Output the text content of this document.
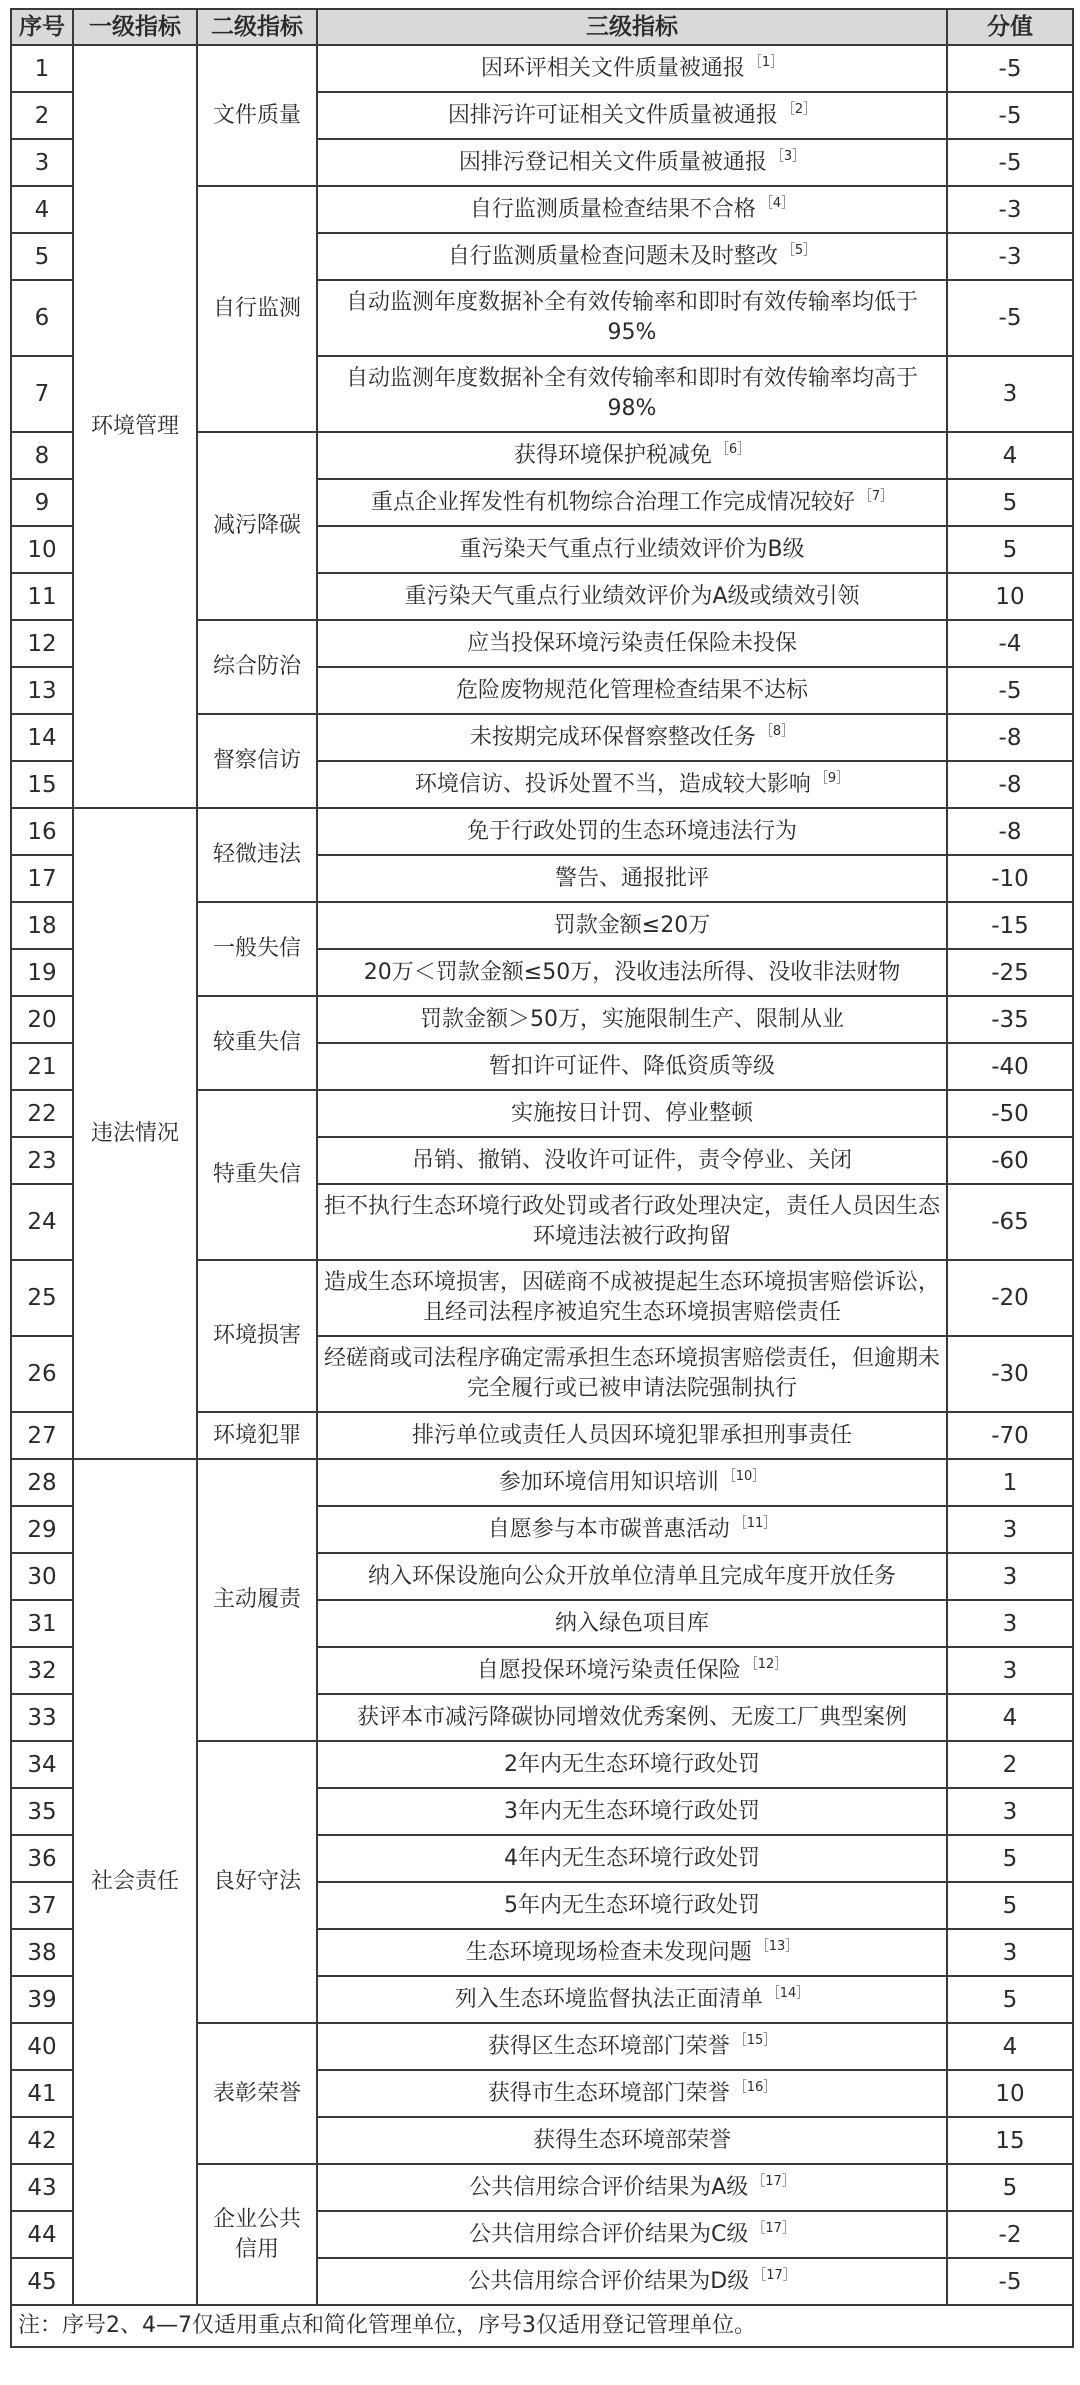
序号	一级指标	二级指标	三级指标	分值
1	环境管理	文件质量	因环评相关文件质量被通报 $^{[1]}$	-5
2			因排污许可证相关文件质量被通报 $^{[2]}$	-5
3			因排污登记相关文件质量被通报 $^{[3]}$	-5
4		自行监测	自行监测质量检查结果不合格 $^{[4]}$	-3
5			自行监测质量检查问题未及时整改 $^{[5]}$	-3
6			自动监测年度数据补全有效传输率和即时有效传输率均低于95%	-5
7			自动监测年度数据补全有效传输率和即时有效传输率均高于98%	3
8		减污降碳	获得环境保护税减免 $^{[6]}$	4
9			重点企业挥发性有机物综合治理工作完成情况较好 $^{[7]}$	5
10			重污染天气重点行业绩效评价为B级	5
11			重污染天气重点行业绩效评价为A级或绩效引领	10
12		综合防治	应当投保环境污染责任保险未投保	-4
13			危险废物规范化管理检查结果不达标	-5
14		督察信访	未按期完成环保督察整改任务 $^{[8]}$	-8
15			环境信访、投诉处置不当，造成较大影响 $^{[9]}$	-8
16	违法情况	轻微违法	免于行政处罚的生态环境违法行为	-8
17			警告、通报批评	-10
18		一般失信	罚款金额≤20万	-15
19			20万＜罚款金额≤50万，没收违法所得、没收非法财物	-25
20		较重失信	罚款金额＞50万，实施限制生产、限制从业	-35
21			暂扣许可证件、降低资质等级	-40
22		特重失信	实施按日计罚、停业整顿	-50
23			吊销、撤销、没收许可证件，责令停业、关闭	-60
24			拒不执行生态环境行政处罚或者行政处理决定，责任人员因生态环境违法被行政拘留	-65
25		环境损害	造成生态环境损害，因磋商不成被提起生态环境损害赔偿诉讼，且经司法程序被追究生态环境损害赔偿责任	-20
26			经磋商或司法程序确定需承担生态环境损害赔偿责任，但逾期未完全履行或已被申请法院强制执行	-30
27		环境犯罪	排污单位或责任人员因环境犯罪承担刑事责任	-70
28	社会责任	主动履责	参加环境信用知识培训 $^{[10]}$	1
29			自愿参与本市碳普惠活动 $^{[11]}$	3
30			纳入环保设施向公众开放单位清单且完成年度开放任务	3
31			纳入绿色项目库	3
32			自愿投保环境污染责任保险 $^{[12]}$	3
33			获评本市减污降碳协同增效优秀案例、无废工厂典型案例	4
34		良好守法	2年内无生态环境行政处罚	2
35			3年内无生态环境行政处罚	3
36			4年内无生态环境行政处罚	5
37			5年内无生态环境行政处罚	5
38			生态环境现场检查未发现问题 $^{[13]}$	3
39			列入生态环境监督执法正面清单 $^{[14]}$	5
40		表彰荣誉	获得区生态环境部门荣誉 $^{[15]}$	4
41			获得市生态环境部门荣誉 $^{[16]}$	10
42			获得生态环境部荣誉	15
43		企业公共信用	公共信用综合评价结果为A级 $^{[17]}$	5
44			公共信用综合评价结果为C级 $^{[17]}$	-2
45			公共信用综合评价结果为D级 $^{[17]}$	-5
注：序号2、4—7仅适用重点和简化管理单位，序号3仅适用登记管理单位。				
